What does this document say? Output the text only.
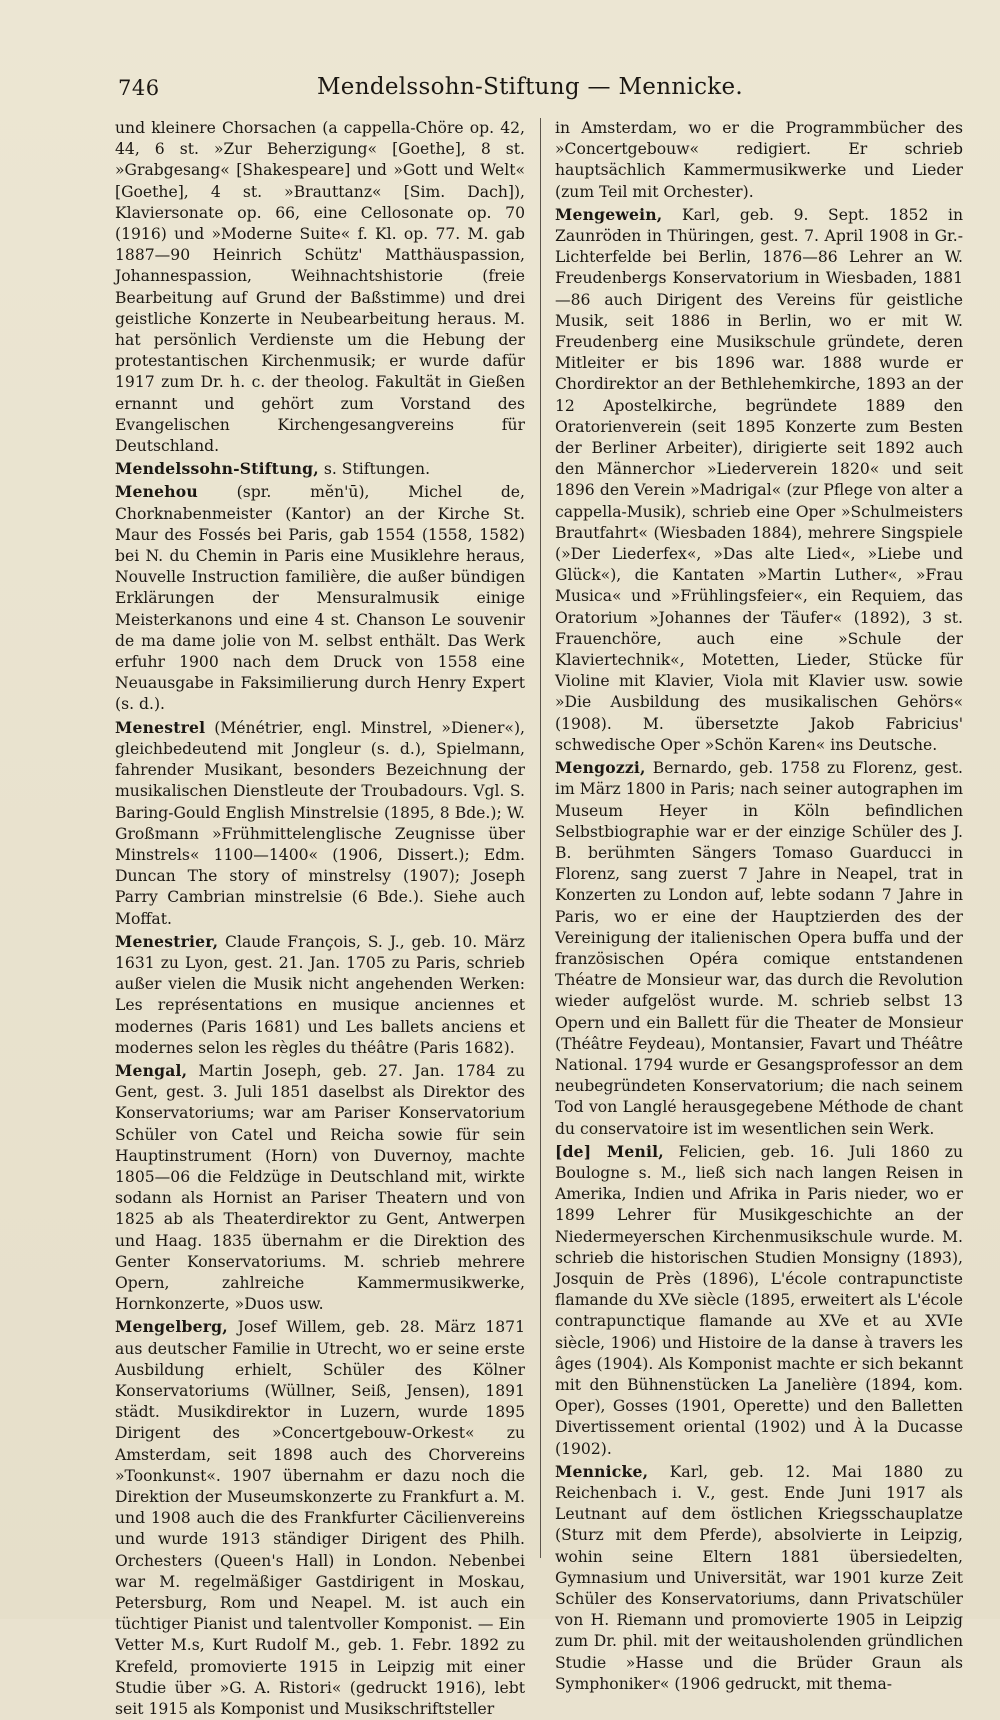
746	Mendelssohn-Stiftung — Mennicke.

und kleinere Chorsachen (a cappella-Chöre op. 42, 44, 6 st. »Zur Beherzigung« [Goethe], 8 st. »Grabgesang« [Shakespeare] und »Gott und Welt« [Goethe], 4 st. »Brauttanz« [Sim. Dach]), Klaviersonate op. 66, eine Cellosonate op. 70 (1916) und »Moderne Suite« f. Kl. op. 77. M. gab 1887—90 Heinrich Schütz' Matthäuspassion, Johannespassion, Weihnachtshistorie (freie Bearbeitung auf Grund der Baßstimme) und drei geistliche Konzerte in Neubearbeitung heraus. M. hat persönlich Verdienste um die Hebung der protestantischen Kirchenmusik; er wurde dafür 1917 zum Dr. h. c. der theolog. Fakultät in Gießen ernannt und gehört zum Vorstand des Evangelischen Kirchengesangvereins für Deutschland.

Mendelssohn-Stiftung, s. Stiftungen.

Menehou (spr. mĕn'ū), Michel de, Chorknabenmeister (Kantor) an der Kirche St. Maur des Fossés bei Paris, gab 1554 (1558, 1582) bei N. du Chemin in Paris eine Musiklehre heraus, Nouvelle Instruction familière, die außer bündigen Erklärungen der Mensuralmusik einige Meisterkanons und eine 4 st. Chanson Le souvenir de ma dame jolie von M. selbst enthält. Das Werk erfuhr 1900 nach dem Druck von 1558 eine Neuausgabe in Faksimilierung durch Henry Expert (s. d.).

Menestrel (Ménétrier, engl. Minstrel, »Diener«), gleichbedeutend mit Jongleur (s. d.), Spielmann, fahrender Musikant, besonders Bezeichnung der musikalischen Dienstleute der Troubadours. Vgl. S. Baring-Gould English Minstrelsie (1895, 8 Bde.); W. Großmann »Frühmittelenglische Zeugnisse über Minstrels« 1100—1400« (1906, Dissert.); Edm. Duncan The story of minstrelsy (1907); Joseph Parry Cambrian minstrelsie (6 Bde.). Siehe auch Moffat.

Menestrier, Claude François, S. J., geb. 10. März 1631 zu Lyon, gest. 21. Jan. 1705 zu Paris, schrieb außer vielen die Musik nicht angehenden Werken: Les représentations en musique anciennes et modernes (Paris 1681) und Les ballets anciens et modernes selon les règles du théâtre (Paris 1682).

Mengal, Martin Joseph, geb. 27. Jan. 1784 zu Gent, gest. 3. Juli 1851 daselbst als Direktor des Konservatoriums; war am Pariser Konservatorium Schüler von Catel und Reicha sowie für sein Hauptinstrument (Horn) von Duvernoy, machte 1805—06 die Feldzüge in Deutschland mit, wirkte sodann als Hornist an Pariser Theatern und von 1825 ab als Theaterdirektor zu Gent, Antwerpen und Haag. 1835 übernahm er die Direktion des Genter Konservatoriums. M. schrieb mehrere Opern, zahlreiche Kammermusikwerke, Hornkonzerte, »Duos usw.

Mengelberg, Josef Willem, geb. 28. März 1871 aus deutscher Familie in Utrecht, wo er seine erste Ausbildung erhielt, Schüler des Kölner Konservatoriums (Wüllner, Seiß, Jensen), 1891 städt. Musikdirektor in Luzern, wurde 1895 Dirigent des »Concertgebouw-Orkest« zu Amsterdam, seit 1898 auch des Chorvereins »Toonkunst«. 1907 übernahm er dazu noch die Direktion der Museumskonzerte zu Frankfurt a. M. und 1908 auch die des Frankfurter Cäcilienvereins und wurde 1913 ständiger Dirigent des Philh. Orchesters (Queen's Hall) in London. Nebenbei war M. regelmäßiger Gastdirigent in Moskau, Petersburg, Rom und Neapel. M. ist auch ein tüchtiger Pianist und talentvoller Komponist. — Ein Vetter M.s, Kurt Rudolf M., geb. 1. Febr. 1892 zu Krefeld, promovierte 1915 in Leipzig mit einer Studie über »G. A. Ristori« (gedruckt 1916), lebt seit 1915 als Komponist und Musikschriftsteller

in Amsterdam, wo er die Programmbücher des »Concertgebouw« redigiert. Er schrieb hauptsächlich Kammermusikwerke und Lieder (zum Teil mit Orchester).

Mengewein, Karl, geb. 9. Sept. 1852 in Zaunröden in Thüringen, gest. 7. April 1908 in Gr.-Lichterfelde bei Berlin, 1876—86 Lehrer an W. Freudenbergs Konservatorium in Wiesbaden, 1881—86 auch Dirigent des Vereins für geistliche Musik, seit 1886 in Berlin, wo er mit W. Freudenberg eine Musikschule gründete, deren Mitleiter er bis 1896 war. 1888 wurde er Chordirektor an der Bethlehemkirche, 1893 an der 12 Apostelkirche, begründete 1889 den Oratorienverein (seit 1895 Konzerte zum Besten der Berliner Arbeiter), dirigierte seit 1892 auch den Männerchor »Liederverein 1820« und seit 1896 den Verein »Madrigal« (zur Pflege von alter a cappella-Musik), schrieb eine Oper »Schulmeisters Brautfahrt« (Wiesbaden 1884), mehrere Singspiele (»Der Liederfex«, »Das alte Lied«, »Liebe und Glück«), die Kantaten »Martin Luther«, »Frau Musica« und »Frühlingsfeier«, ein Requiem, das Oratorium »Johannes der Täufer« (1892), 3 st. Frauenchöre, auch eine »Schule der Klaviertechnik«, Motetten, Lieder, Stücke für Violine mit Klavier, Viola mit Klavier usw. sowie »Die Ausbildung des musikalischen Gehörs« (1908). M. übersetzte Jakob Fabricius' schwedische Oper »Schön Karen« ins Deutsche.

Mengozzi, Bernardo, geb. 1758 zu Florenz, gest. im März 1800 in Paris; nach seiner autographen im Museum Heyer in Köln befindlichen Selbstbiographie war er der einzige Schüler des J. B. berühmten Sängers Tomaso Guarducci in Florenz, sang zuerst 7 Jahre in Neapel, trat in Konzerten zu London auf, lebte sodann 7 Jahre in Paris, wo er eine der Hauptzierden des der Vereinigung der italienischen Opera buffa und der französischen Opéra comique entstandenen Théatre de Monsieur war, das durch die Revolution wieder aufgelöst wurde. M. schrieb selbst 13 Opern und ein Ballett für die Theater de Monsieur (Théâtre Feydeau), Montansier, Favart und Théâtre National. 1794 wurde er Gesangsprofessor an dem neubegründeten Konservatorium; die nach seinem Tod von Langlé herausgegebene Méthode de chant du conservatoire ist im wesentlichen sein Werk.

[de] Menil, Felicien, geb. 16. Juli 1860 zu Boulogne s. M., ließ sich nach langen Reisen in Amerika, Indien und Afrika in Paris nieder, wo er 1899 Lehrer für Musikgeschichte an der Niedermeyerschen Kirchenmusikschule wurde. M. schrieb die historischen Studien Monsigny (1893), Josquin de Près (1896), L'école contrapunctiste flamande du XVe siècle (1895, erweitert als L'école contrapunctique flamande au XVe et au XVIe siècle, 1906) und Histoire de la danse à travers les âges (1904). Als Komponist machte er sich bekannt mit den Bühnenstücken La Janelière (1894, kom. Oper), Gosses (1901, Operette) und den Balletten Divertissement oriental (1902) und À la Ducasse (1902).

Mennicke, Karl, geb. 12. Mai 1880 zu Reichenbach i. V., gest. Ende Juni 1917 als Leutnant auf dem östlichen Kriegsschauplatze (Sturz mit dem Pferde), absolvierte in Leipzig, wohin seine Eltern 1881 übersiedelten, Gymnasium und Universität, war 1901 kurze Zeit Schüler des Konservatoriums, dann Privatschüler von H. Riemann und promovierte 1905 in Leipzig zum Dr. phil. mit der weitausholenden gründlichen Studie »Hasse und die Brüder Graun als Symphoniker« (1906 gedruckt, mit thema-
